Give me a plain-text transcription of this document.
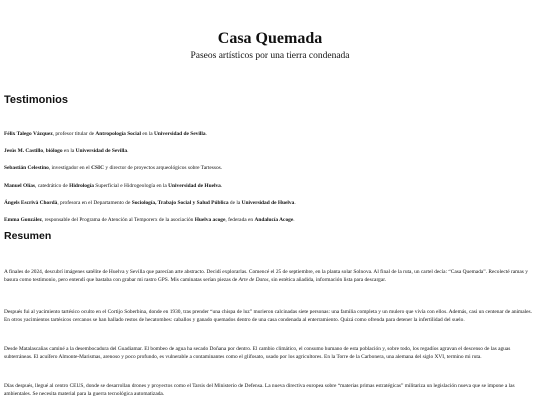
Casa Quemada
Paseos artísticos por una tierra condenada
Testimonios
Félix Talego Vázquez, profesor titular de Antropología Social en la Universidad de Sevilla.
Jesús M. Castillo, biólogo en la Universidad de Sevilla.
Sebastián Celestino, investigador en el CSIC y director de proyectos arqueológicos sobre Tartessos.
Manuel Olías, catedrático de Hidrología Superficial e Hidrogeología en la Universidad de Huelva.
Ángels Escrivà Chordà, profesora en el Departamento de Sociología, Trabajo Social y Salud Pública de la Universidad de Huelva.
Emma González, responsable del Programa de Atención al Temporerx de la asociación Huelva acoge, federada en Andalucía Acoge.
Resumen
A finales de 2024, descubrí imágenes satélite de Huelva y Sevilla que parecían arte abstracto. Decidí explorarlas. Comencé el 25 de septiembre, en la planta solar Solnova. Al final de la ruta, un cartel decía: “Casa Quemada”. Recolecté ramas y basura como testimonio, pero entendí que bastaba con grabar mi rastro GPS. Mis caminatas serían piezas de Arte de Datos, sin estética añadida, información lista para descargar.
Después fui al yacimiento tartésico oculto en el Cortijo Soberbina, donde en 1930, tras prender “una chispa de luz” murieron calcinadas siete personas: una familia completa y un mulero que vivía con ellos. Además, casi un centenar de animales. En otros yacimientos tartésicos cercanos se han hallado restos de hecatombes: caballos y ganado quemados dentro de una casa condenada al enterramiento. Quizá como ofrenda para detener la infertilidad del suelo.
Desde Matalascañas caminé a la desembocadura del Guadiamar. El bombeo de agua ha secado Doñana por dentro. El cambio climático, el consumo humano de esta población y, sobre todo, los regadíos agravan el descenso de las aguas subterráneas. El acuífero Almonte-Marismas, arenoso y poco profundo, es vulnerable a contaminantes como el glifosato, usado por los agricultores. En la Torre de la Carbonera, una alemana del siglo XVI, termino mi ruta.
Días después, llegué al centro CEUS, donde se desarrollan drones y proyectos como el Tarsis del Ministerio de Defensa. La nueva directiva europea sobre “materias primas estratégicas” militariza un legislación nueva que se impone a las ambientales. Se necesita material para la guerra tecnológica automatizada.
